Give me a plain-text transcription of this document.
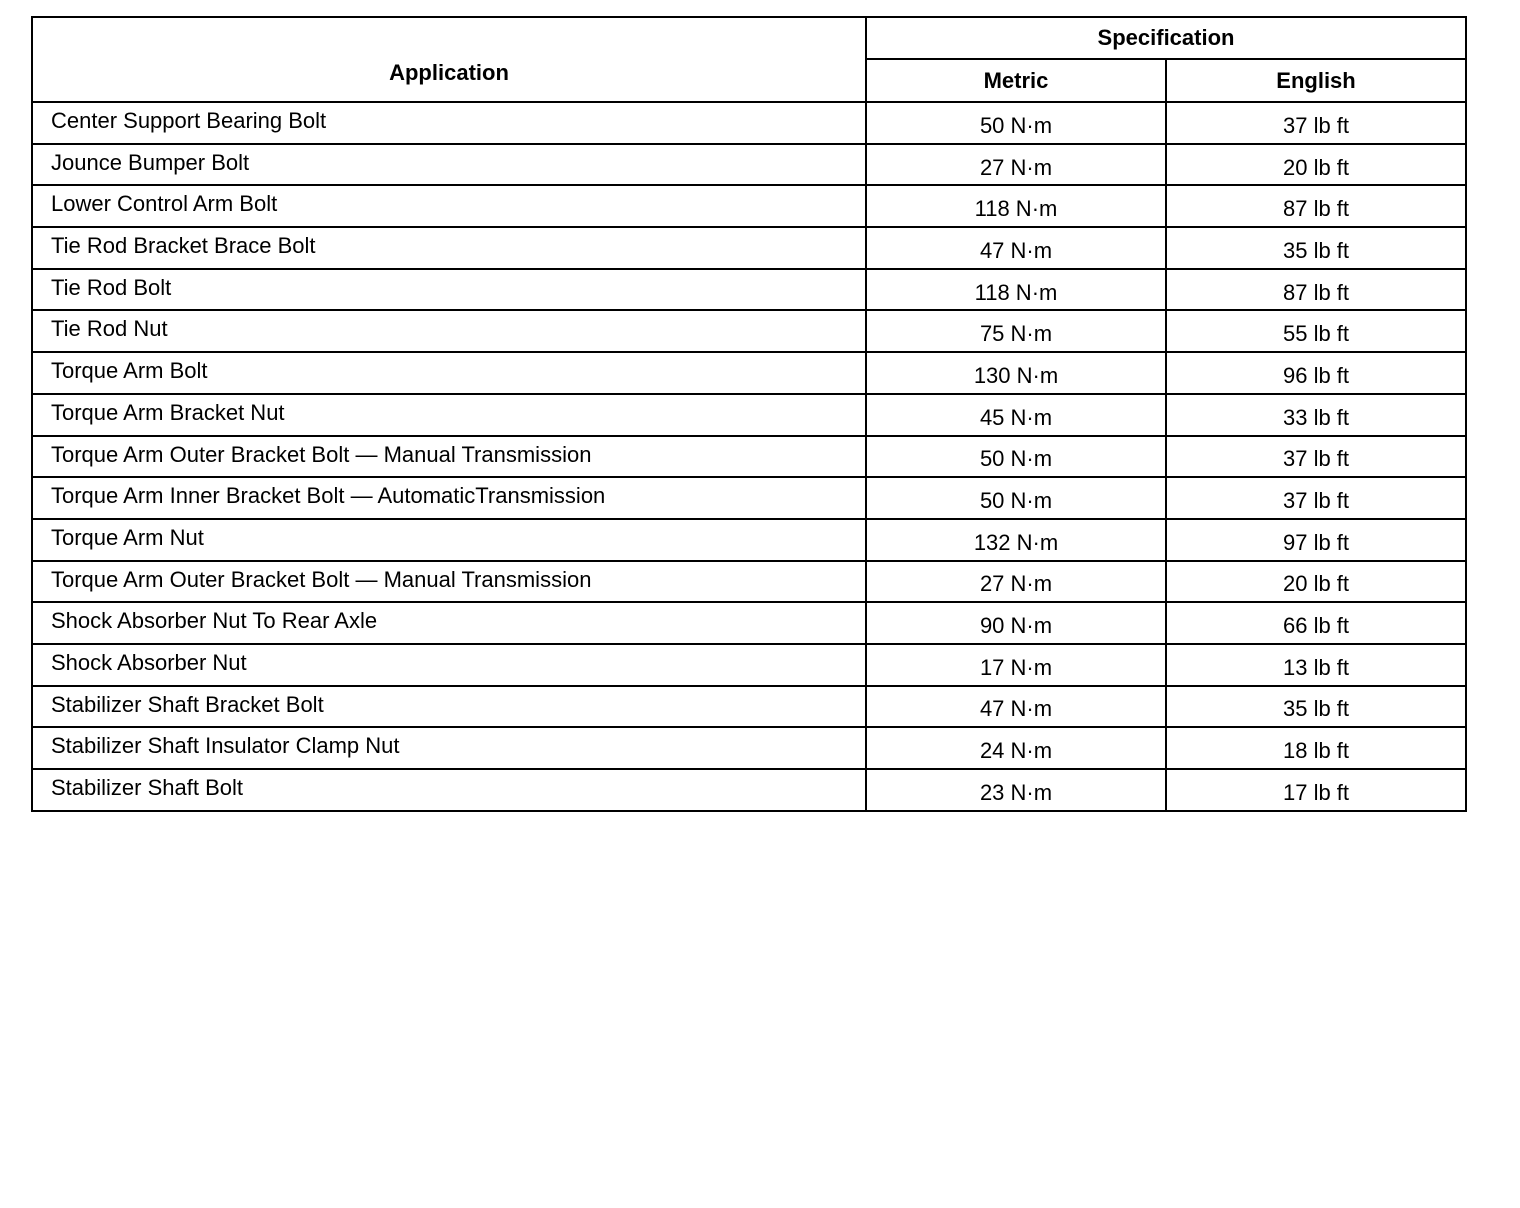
Application	Specification	
	Metric	English
Center Support Bearing Bolt	50 N·m	37 lb ft
Jounce Bumper Bolt	27 N·m	20 lb ft
Lower Control Arm Bolt	118 N·m	87 lb ft
Tie Rod Bracket Brace Bolt	47 N·m	35 lb ft
Tie Rod Bolt	118 N·m	87 lb ft
Tie Rod Nut	75 N·m	55 lb ft
Torque Arm Bolt	130 N·m	96 lb ft
Torque Arm Bracket Nut	45 N·m	33 lb ft
Torque Arm Outer Bracket Bolt — Manual Transmission	50 N·m	37 lb ft
Torque Arm Inner Bracket Bolt — AutomaticTransmission	50 N·m	37 lb ft
Torque Arm Nut	132 N·m	97 lb ft
Torque Arm Outer Bracket Bolt — Manual Transmission	27 N·m	20 lb ft
Shock Absorber Nut To Rear Axle	90 N·m	66 lb ft
Shock Absorber Nut	17 N·m	13 lb ft
Stabilizer Shaft Bracket Bolt	47 N·m	35 lb ft
Stabilizer Shaft Insulator Clamp Nut	24 N·m	18 lb ft
Stabilizer Shaft Bolt	23 N·m	17 lb ft
